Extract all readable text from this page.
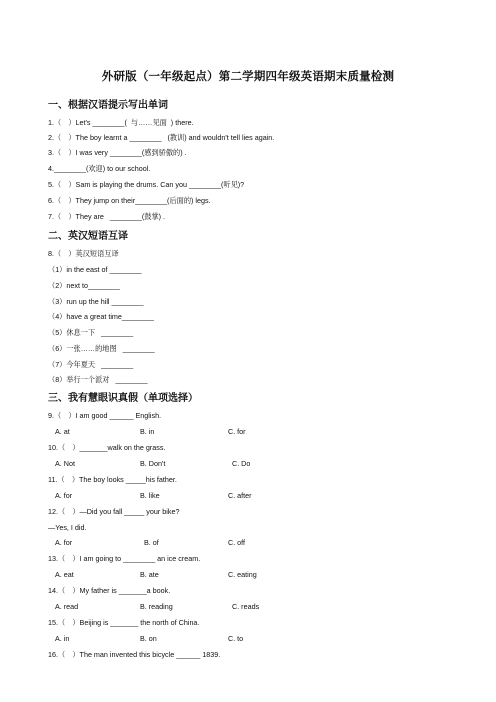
外研版（一年级起点）第二学期四年级英语期末质量检测
一、根据汉语提示写出单词
1.（　）Let's ________(  与……见面  ) there.
2.（　）The boy learnt a ________   (教训) and wouldn't tell lies again.
3.（　）I was very ________(感到骄傲的) .
4.________(欢迎) to our school.
5.（　）Sam is playing the drums. Can you ________(听见)?
6.（　）They jump on their________(后面的) legs.
7.（　）They are   ________(鼓掌) .
二、英汉短语互译
8.（　）英汉短语互译
（1）in the east of ________
（2）next to________
（3）run up the hill ________
（4）have a great time________
（5）休息一下   ________
（6）一张……的地图   ________
（7）今年夏天   ________
（8）举行一个派对   ________
三、我有慧眼识真假（单项选择）
9.（　）I am good ______ English.
A. at	B. in	C. for
10.（　）_______walk on the grass.
A. Not	B. Don't	C. Do
11.（　）The boy looks _____his father.
A. for	B. like	C. after
12.（　）—Did you fall _____ your bike?
—Yes, I did.
A. for	B. of	C. off
13.（　）I am going to ________ an ice cream.
A. eat	B. ate	C. eating
14.（　）My father is _______a book.
A. read	B. reading	C. reads
15.（　）Beijing is _______ the north of China.
A. in	B. on	C. to
16.（　）The man invented this bicycle ______ 1839.
